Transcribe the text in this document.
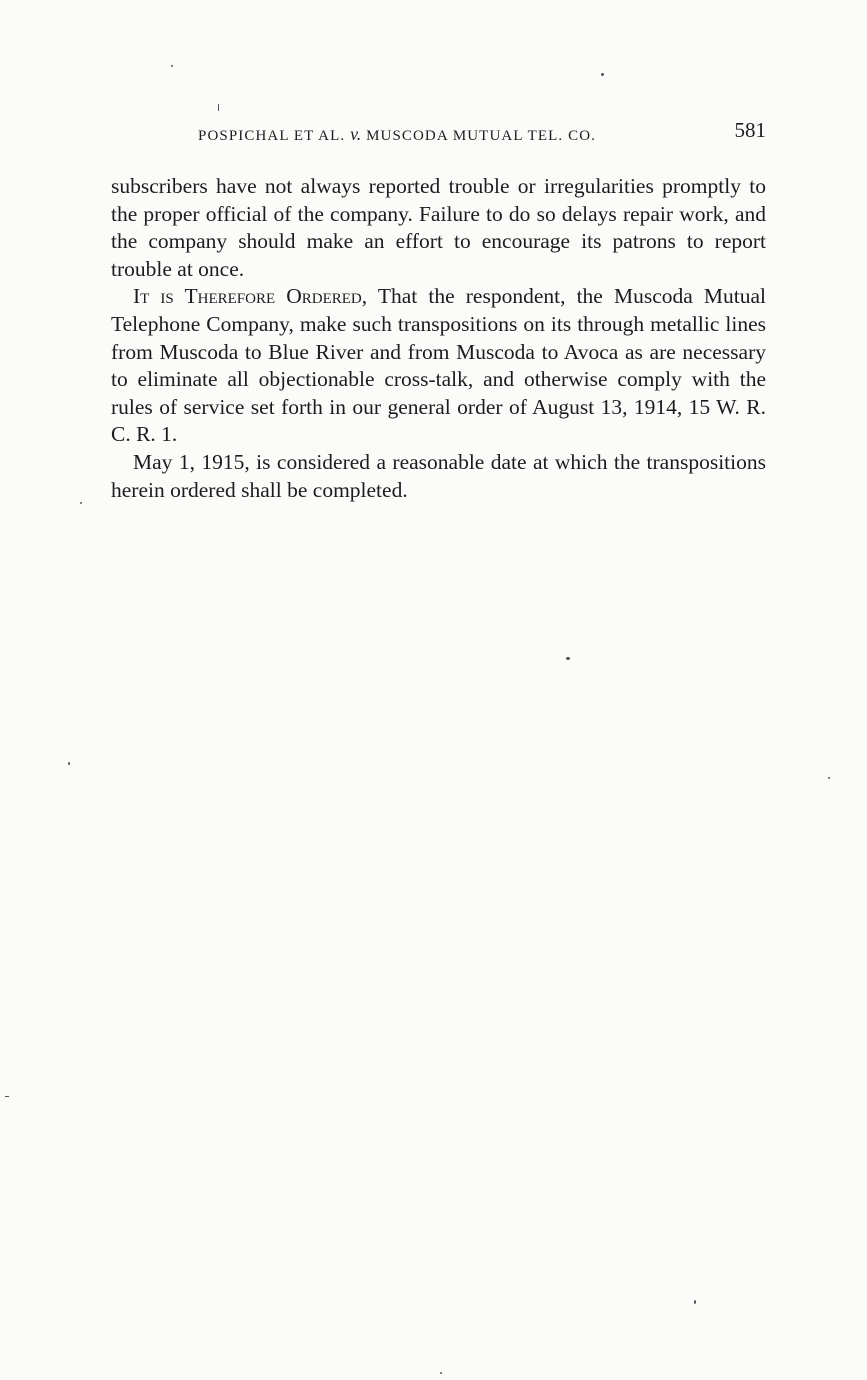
POSPICHAL ET AL. v. MUSCODA MUTUAL TEL. CO.	581

subscribers have not always reported trouble or irregularities promptly to the proper official of the company. Failure to do so delays repair work, and the company should make an effort to encourage its patrons to report trouble at once.

It is Therefore Ordered, That the respondent, the Muscoda Mutual Telephone Company, make such transpositions on its through metallic lines from Muscoda to Blue River and from Muscoda to Avoca as are necessary to eliminate all objectionable cross-talk, and otherwise comply with the rules of service set forth in our general order of August 13, 1914, 15 W. R. C. R. 1.

May 1, 1915, is considered a reasonable date at which the transpositions herein ordered shall be completed.
